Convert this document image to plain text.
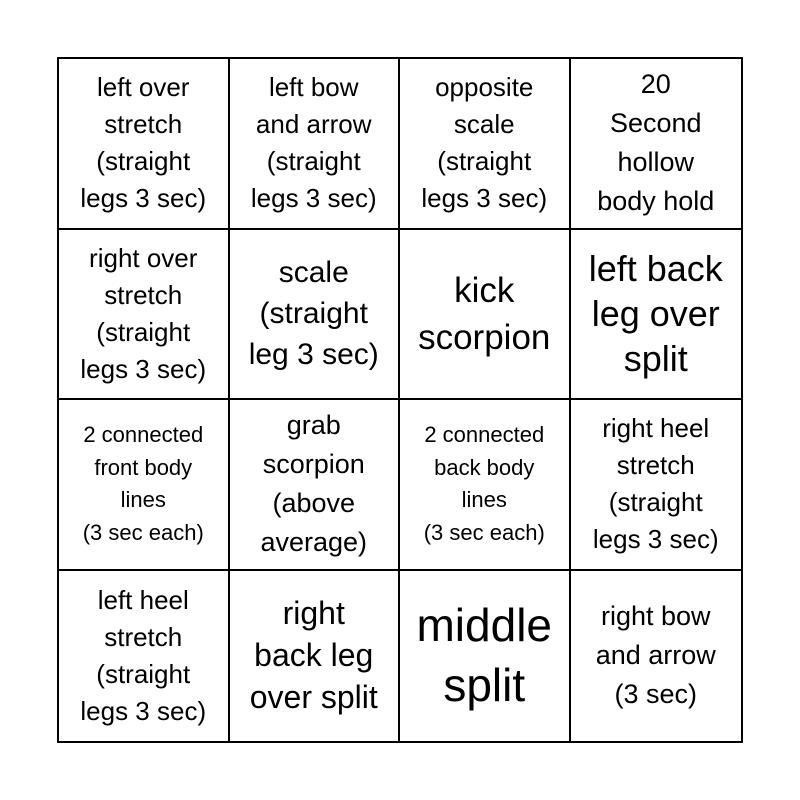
left over
stretch
(straight
legs 3 sec)
left bow
and arrow
(straight
legs 3 sec)
opposite
scale
(straight
legs 3 sec)
20
Second
hollow
body hold
right over
stretch
(straight
legs 3 sec)
scale
(straight
leg 3 sec)
kick
scorpion
left back
leg over
split
2 connected
front body
lines
(3 sec each)
grab
scorpion
(above
average)
2 connected
back body
lines
(3 sec each)
right heel
stretch
(straight
legs 3 sec)
left heel
stretch
(straight
legs 3 sec)
right
back leg
over split
middle
split
right bow
and arrow
(3 sec)
